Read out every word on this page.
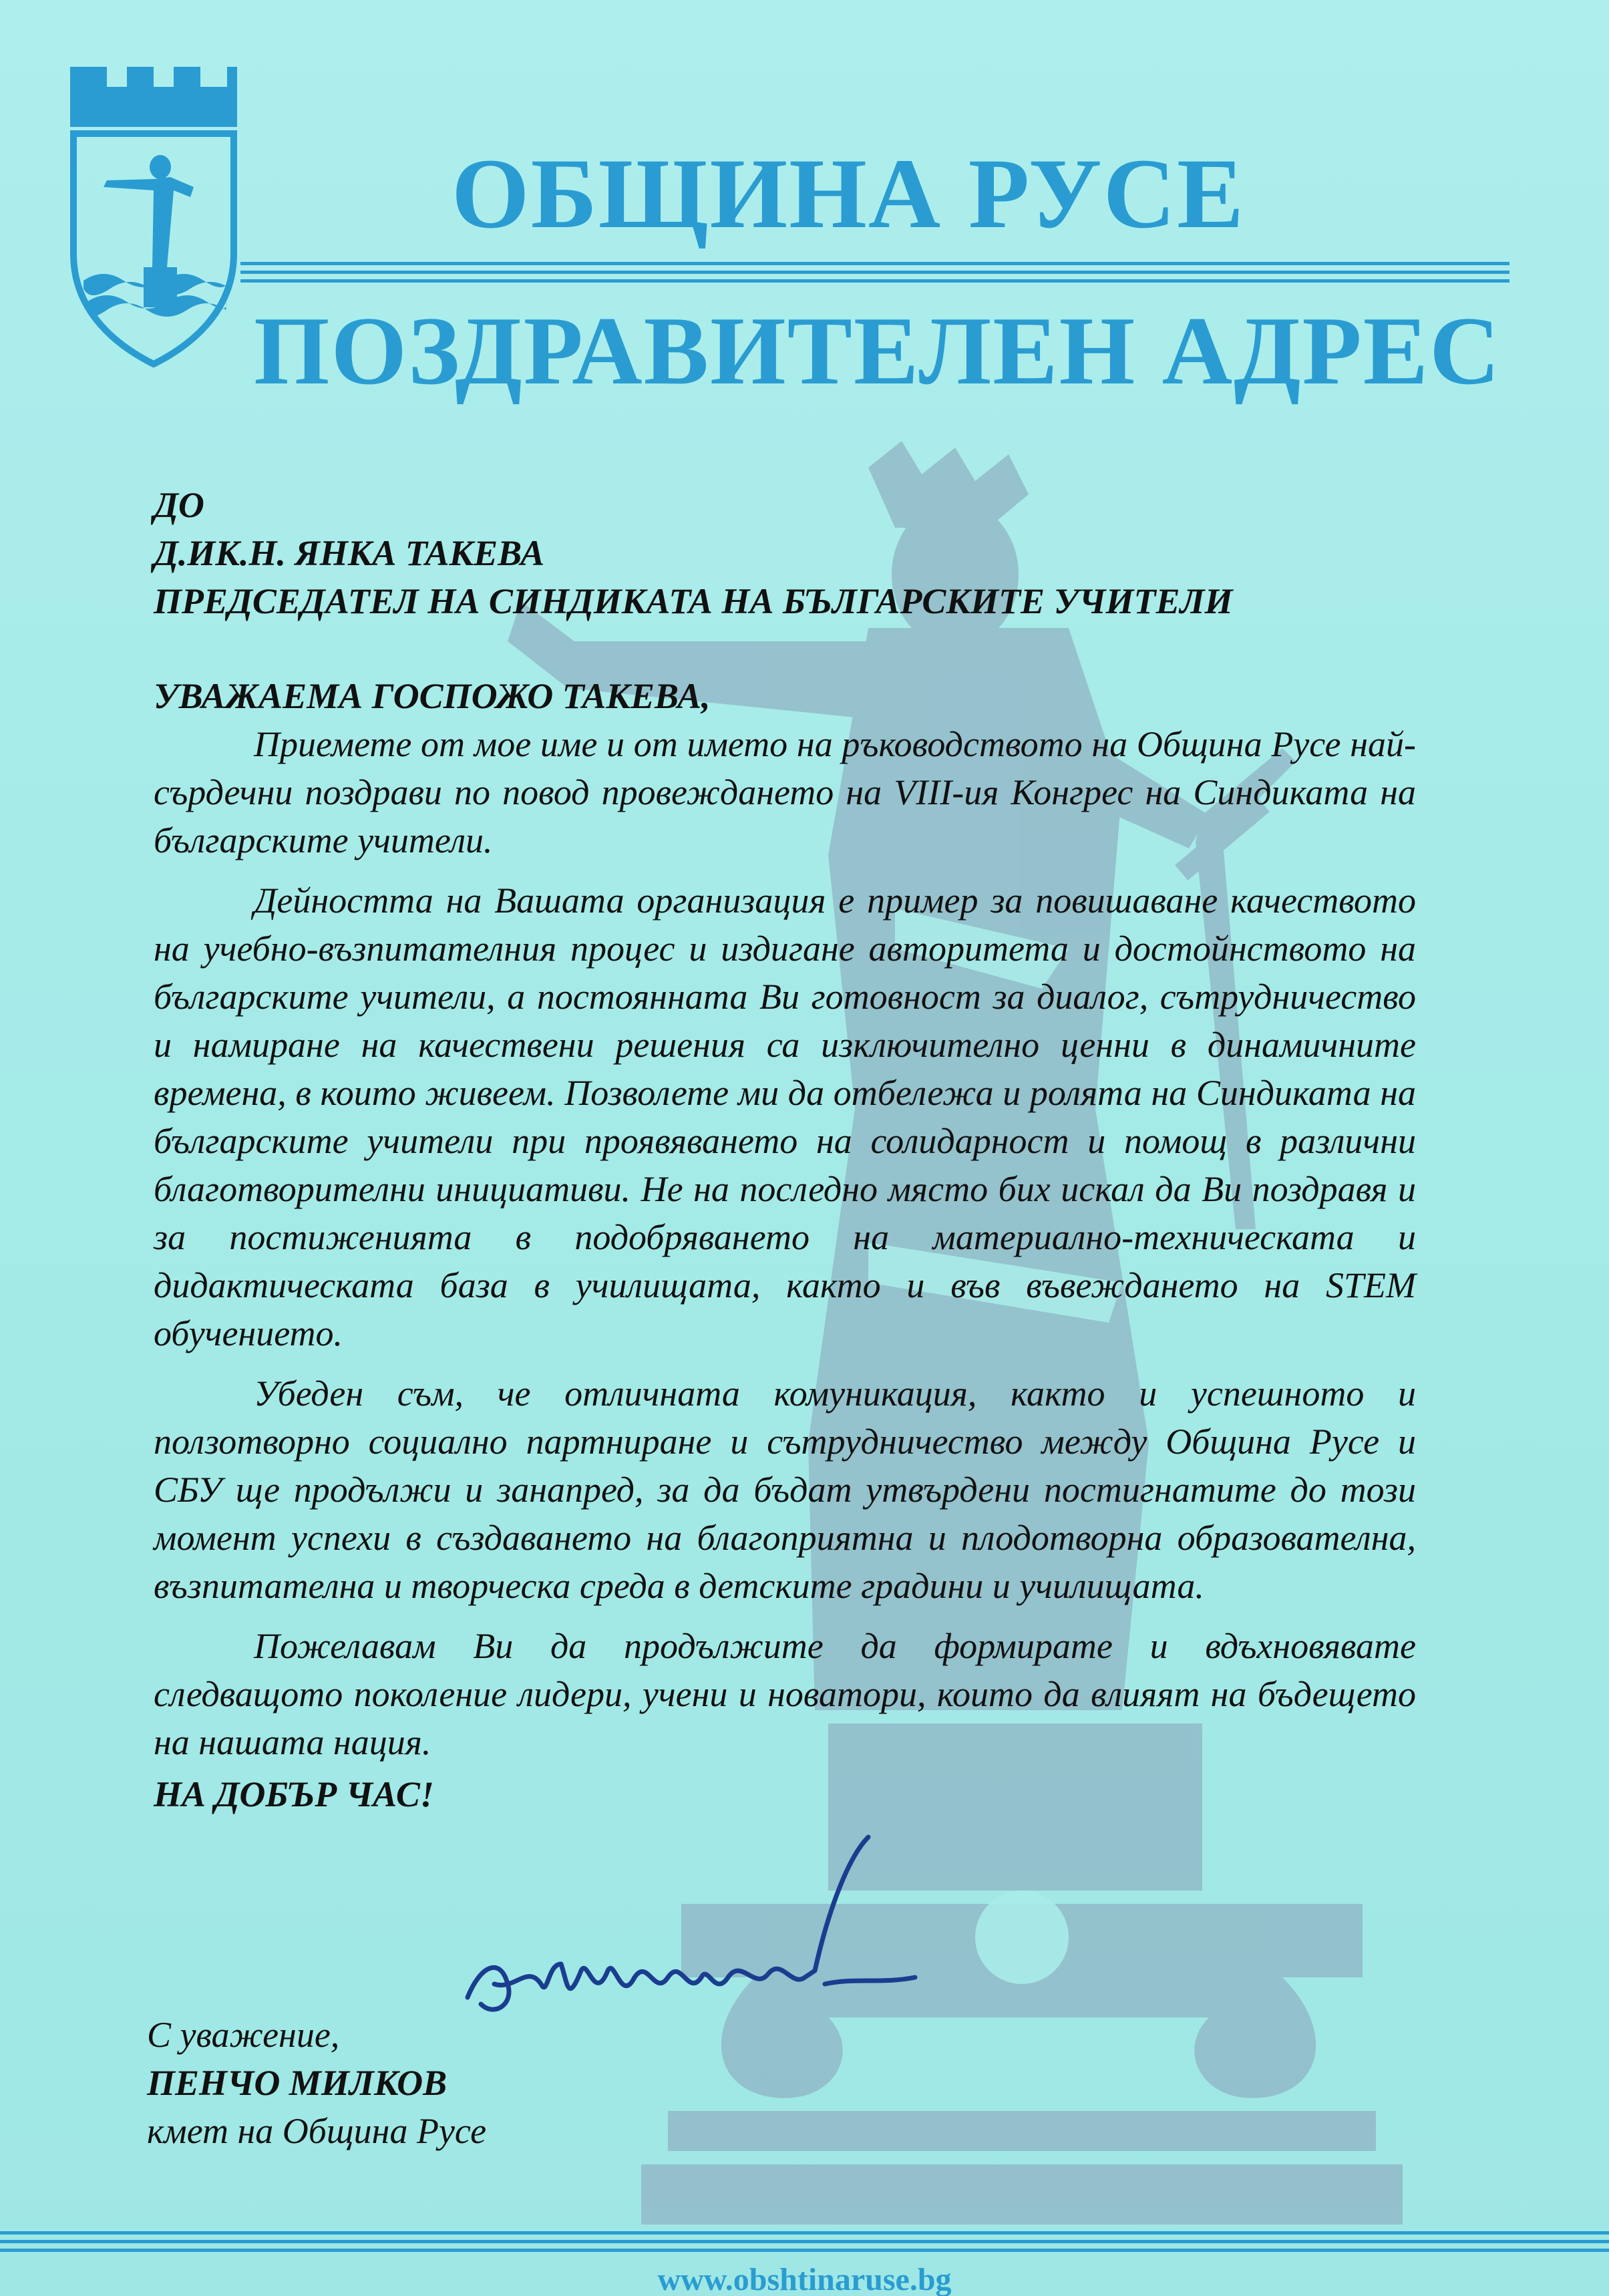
ОБЩИНА РУСЕ
ПОЗДРАВИТЕЛЕН АДРЕС
ДО
Д.ИК.Н. ЯНКА ТАКЕВА
ПРЕДСЕДАТЕЛ НА СИНДИКАТА НА БЪЛГАРСКИТЕ УЧИТЕЛИ
УВАЖАЕМА ГОСПОЖО ТАКЕВА,

Приемете от мое име и от името на ръководството на Община Русе най-сърдечни поздрави по повод провеждането на VIII-ия Конгрес на Синдиката на българските учители.

Дейността на Вашата организация е пример за повишаване качеството на учебно-възпитателния процес и издигане авторитета и достойнството на българските учители, а постоянната Ви готовност за диалог, сътрудничество и намиране на качествени решения са изключително ценни в динамичните времена, в които живеем. Позволете ми да отбележа и ролята на Синдиката на българските учители при проявяването на солидарност и помощ в различни благотворителни инициативи. Не на последно място бих искал да Ви поздравя и за постиженията в подобряването на материално-техническата и дидактическата база в училищата, както и във въвеждането на STEM обучението.

Убеден съм, че отличната комуникация, както и успешното и ползотворно социално партниране и сътрудничество между Община Русе и СБУ ще продължи и занапред, за да бъдат утвърдени постигнатите до този момент успехи в създаването на благоприятна и плодотворна образователна, възпитателна и творческа среда в детските градини и училищата.

Пожелавам Ви да продължите да формирате и вдъхновявате следващото поколение лидери, учени и новатори, които да влияят на бъдещето на нашата нация.

НА ДОБЪР ЧАС!
С уважение,
ПЕНЧО МИЛКОВ
кмет на Община Русе
www.obshtinaruse.bg
